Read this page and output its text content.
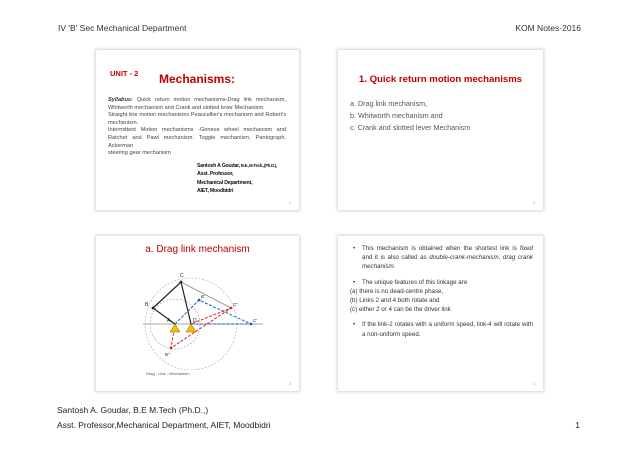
IV 'B' Sec Mechanical Department	KOM Notes-2016
UNIT - 2 Mechanisms:

Syllabus: Quick return motion mechanisms-Drag link mechanism, Whitworth mechanism and Crank and slotted lever Mechanism.

Straight line motion mechanisms Peaucellier's mechanism and Robert's mechanism.

Intermittent Motion mechanisms -Geneva wheel mechanism and Ratchet and Pawl mechanism. Toggle mechanism, Pantograph, Ackerman

steering gear mechanism

Santosh A Goudar, B.E.,M.Tech.,(Ph.D.),
Asst. Professor,
Mechanical Department,
AIET, Moodbidri
1
1. Quick return motion mechanisms
a. Drag link mechanism,
b. Whitworth mechanism and
c. Crank and slotted lever Mechanism
2
a. Drag link mechanism
B
C
A	D
B'
C'
B''
C''
Drag - Link - Mechanism
3

• This mechanism is obtained when the shortest link is fixed and it is also called as double-crank-mechanism, drag crank mechanism.

• The unique features of this linkage are

(a) there is no dead-centre phase,

(b) Links 2 and 4 both rotate and

(c) either 2 or 4 can be the driver link

• If the link-2 rotates with a uniform speed, link-4 will rotate with a non-uniform speed.

4
Santosh A. Goudar, B.E M.Tech (Ph.D.,)
Asst. Professor,Mechanical Department, AIET, Moodbidri	1
